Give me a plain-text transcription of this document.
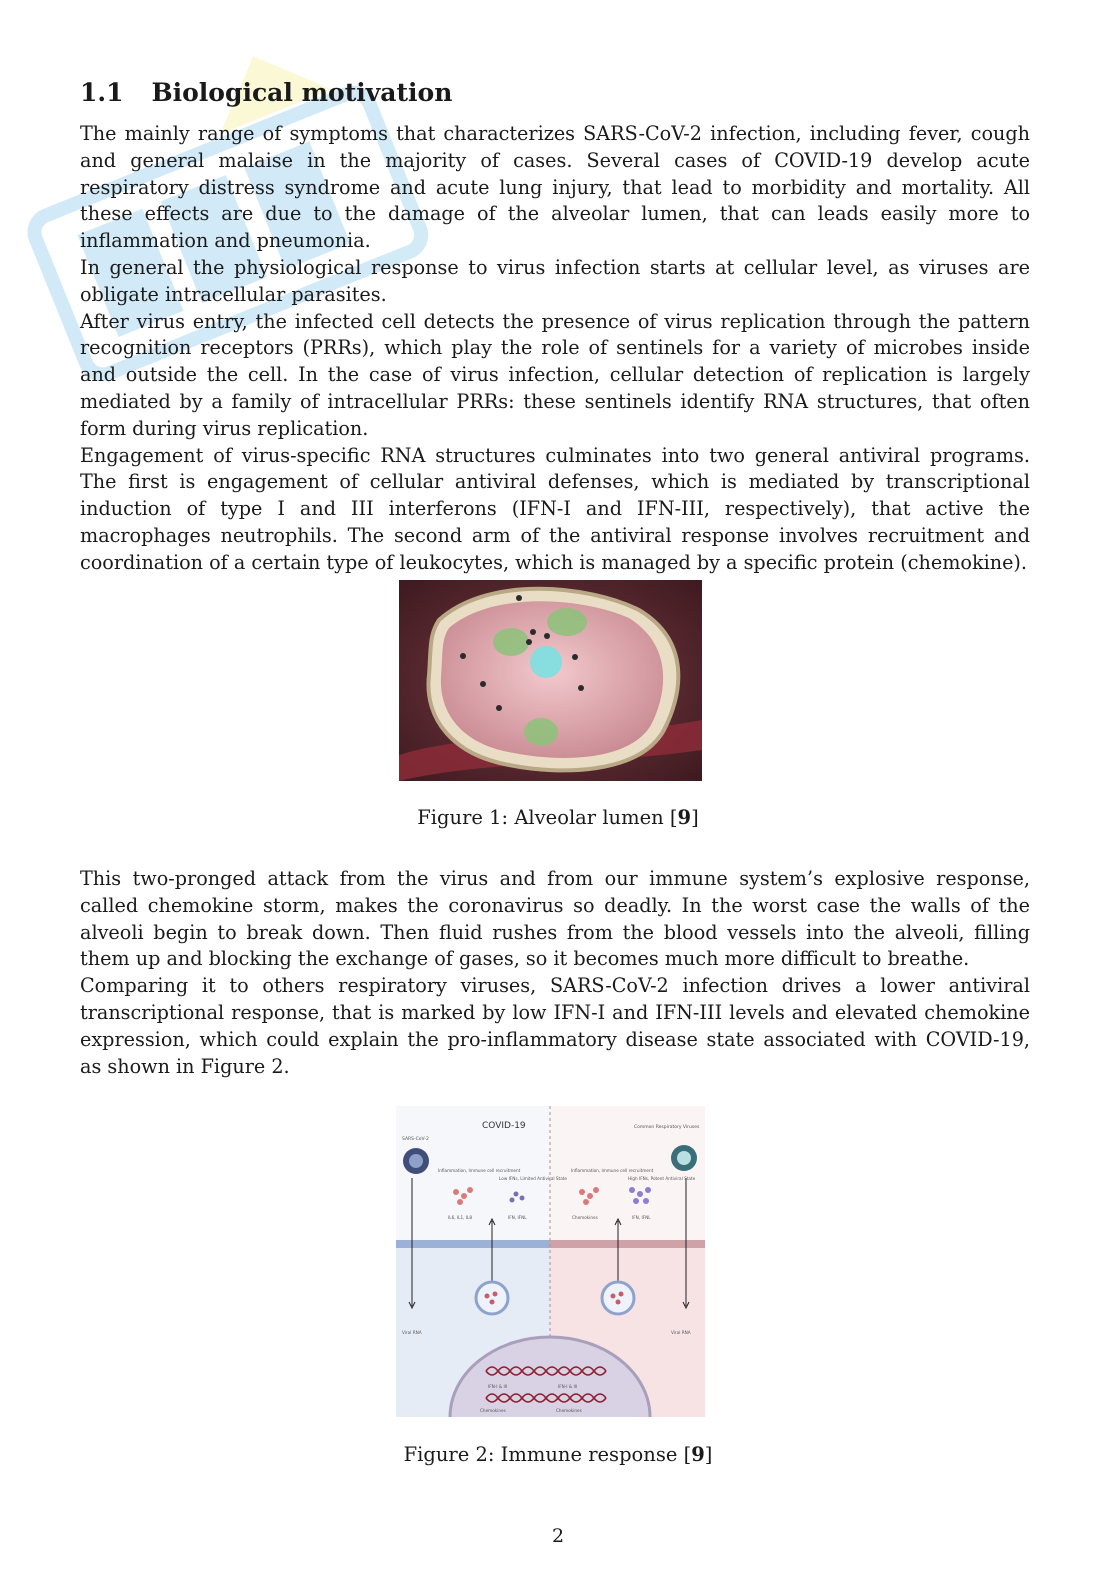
1.1 Biological motivation

The mainly range of symptoms that characterizes SARS-CoV-2 infection, including fever, cough and general malaise in the majority of cases. Several cases of COVID-19 develop acute respiratory distress syndrome and acute lung injury, that lead to morbidity and mortality. All these effects are due to the damage of the alveolar lumen, that can leads easily more to inflammation and pneumonia.

In general the physiological response to virus infection starts at cellular level, as viruses are obligate intracellular parasites.

After virus entry, the infected cell detects the presence of virus replication through the pattern recognition receptors (PRRs), which play the role of sentinels for a variety of microbes inside and outside the cell. In the case of virus infection, cellular detection of replication is largely mediated by a family of intracellular PRRs: these sentinels identify RNA structures, that often form during virus replication.

Engagement of virus-specific RNA structures culminates into two general antiviral programs. The first is engagement of cellular antiviral defenses, which is mediated by transcriptional induction of type I and III interferons (IFN-I and IFN-III, respectively), that active the macrophages neutrophils. The second arm of the antiviral response involves recruitment and coordination of a certain type of leukocytes, which is managed by a specific protein (chemokine).

Figure 1: Alveolar lumen [9]

This two-pronged attack from the virus and from our immune system’s explosive response, called chemokine storm, makes the coronavirus so deadly. In the worst case the walls of the alveoli begin to break down. Then fluid rushes from the blood vessels into the alveoli, filling them up and blocking the exchange of gases, so it becomes much more difficult to breathe.

Comparing it to others respiratory viruses, SARS-CoV-2 infection drives a lower antiviral transcriptional response, that is marked by low IFN-I and IFN-III levels and elevated chemokine expression, which could explain the pro-inflammatory disease state associated with COVID-19, as shown in Figure 2.

COVID-19
SARS-CoV-2
Common Respiratory Viruses
Inflammation, Immune cell recruitment
Low IFNs, Limited Antiviral State
Inflammation, Immune cell recruitment
High IFNs, Potent Antiviral State
IL6, IL1, IL8	IFN, IFNL	Chemokines	IFN, IFNL
Viral RNA	Viral RNA
IFN-I & III	IFN-I & III
Chemokines	Chemokines
Figure 2: Immune response [9]
2
